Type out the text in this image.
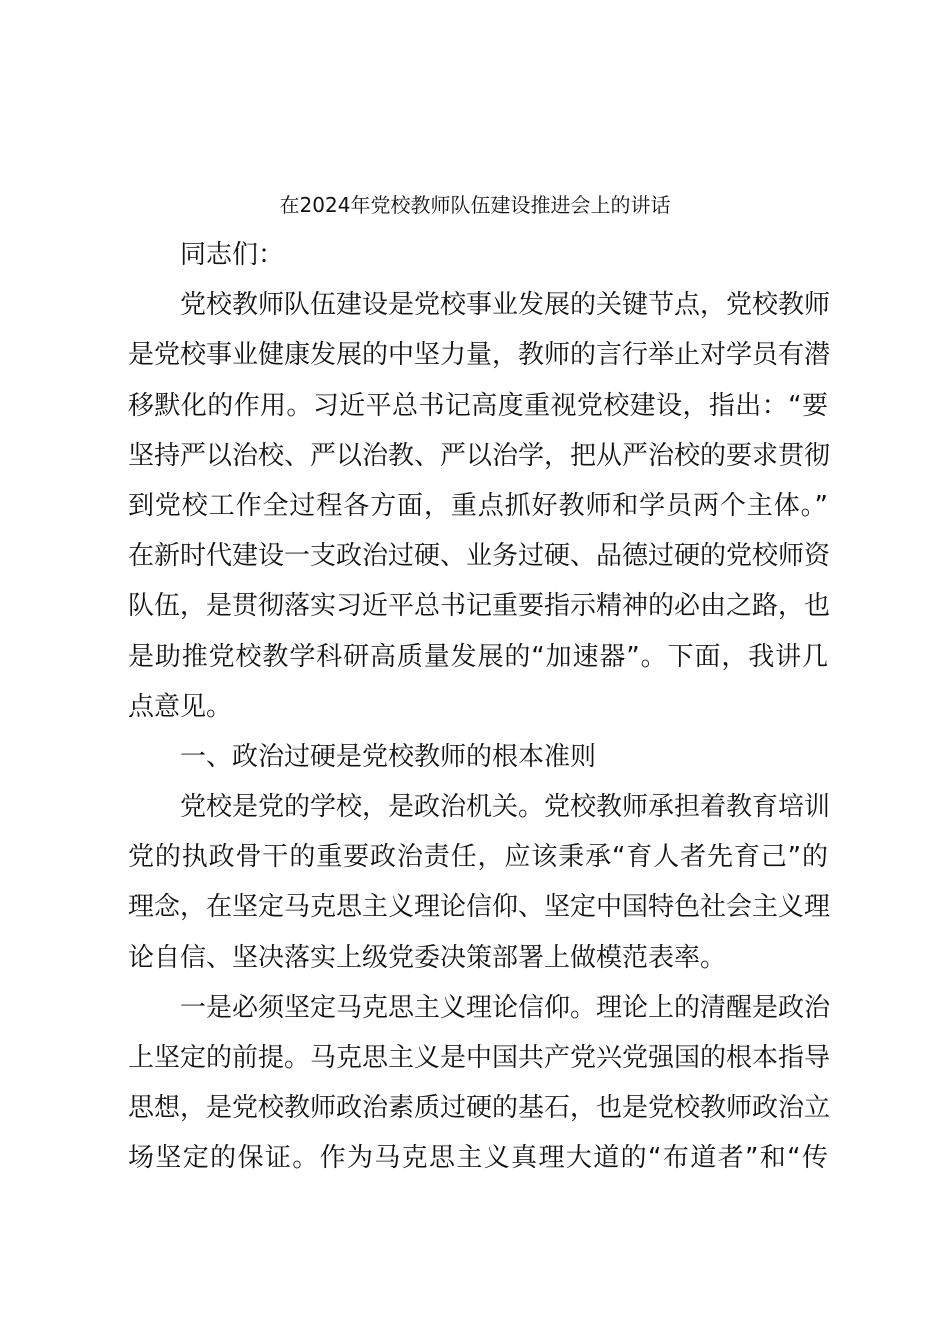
在2024年党校教师队伍建设推进会上的讲话
同志们：
党校教师队伍建设是党校事业发展的关键节点，党校教师
是党校事业健康发展的中坚力量，教师的言行举止对学员有潜
移默化的作用。习近平总书记高度重视党校建设，指出：“要
坚持严以治校、严以治教、严以治学，把从严治校的要求贯彻
到党校工作全过程各方面，重点抓好教师和学员两个主体。”
在新时代建设一支政治过硬、业务过硬、品德过硬的党校师资
队伍，是贯彻落实习近平总书记重要指示精神的必由之路，也
是助推党校教学科研高质量发展的“加速器”。下面，我讲几
点意见。
一、政治过硬是党校教师的根本准则
党校是党的学校，是政治机关。党校教师承担着教育培训
党的执政骨干的重要政治责任，应该秉承“育人者先育己”的
理念，在坚定马克思主义理论信仰、坚定中国特色社会主义理
论自信、坚决落实上级党委决策部署上做模范表率。
一是必须坚定马克思主义理论信仰。理论上的清醒是政治
上坚定的前提。马克思主义是中国共产党兴党强国的根本指导
思想，是党校教师政治素质过硬的基石，也是党校教师政治立
场坚定的保证。作为马克思主义真理大道的“布道者”和“传
